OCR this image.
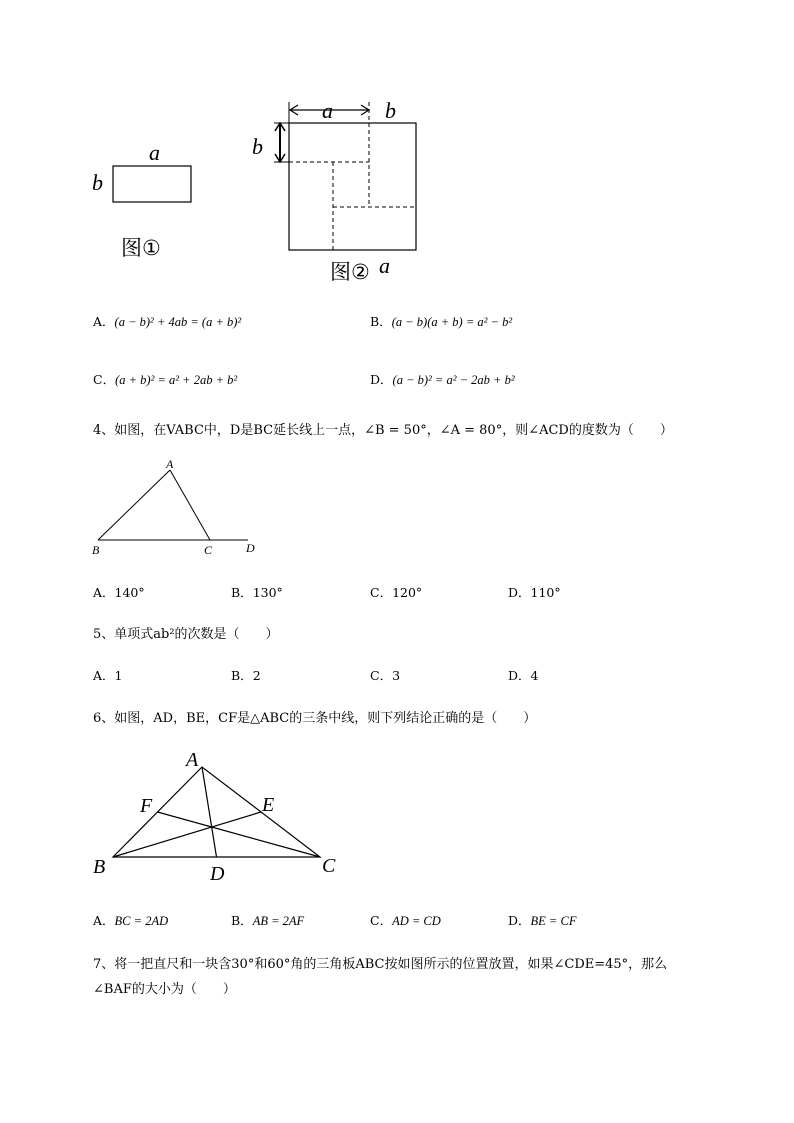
a
b
图①
a b
b
a
图②
A．(a − b)² + 4ab = (a + b)²	B．(a − b)(a + b) = a² − b²
C．(a + b)² = a² + 2ab + b²	D．(a − b)² = a² − 2ab + b²
4、如图，在VABC中，D是BC延长线上一点，∠B = 50°，∠A = 80°，则∠ACD的度数为（　　）
A
B	C	D
A．140°	B．130°	C．120°	D．110°
5、单项式ab²的次数是（　　）
A．1	B．2	C．3	D．4
6、如图，AD，BE，CF是△ABC的三条中线，则下列结论正确的是（　　）
A
B	C
D
E
F
A．BC = 2AD	B．AB = 2AF	C．AD = CD	D．BE = CF
7、将一把直尺和一块含30°和60°角的三角板ABC按如图所示的位置放置，如果∠CDE=45°，那么
∠BAF的大小为（　　）
